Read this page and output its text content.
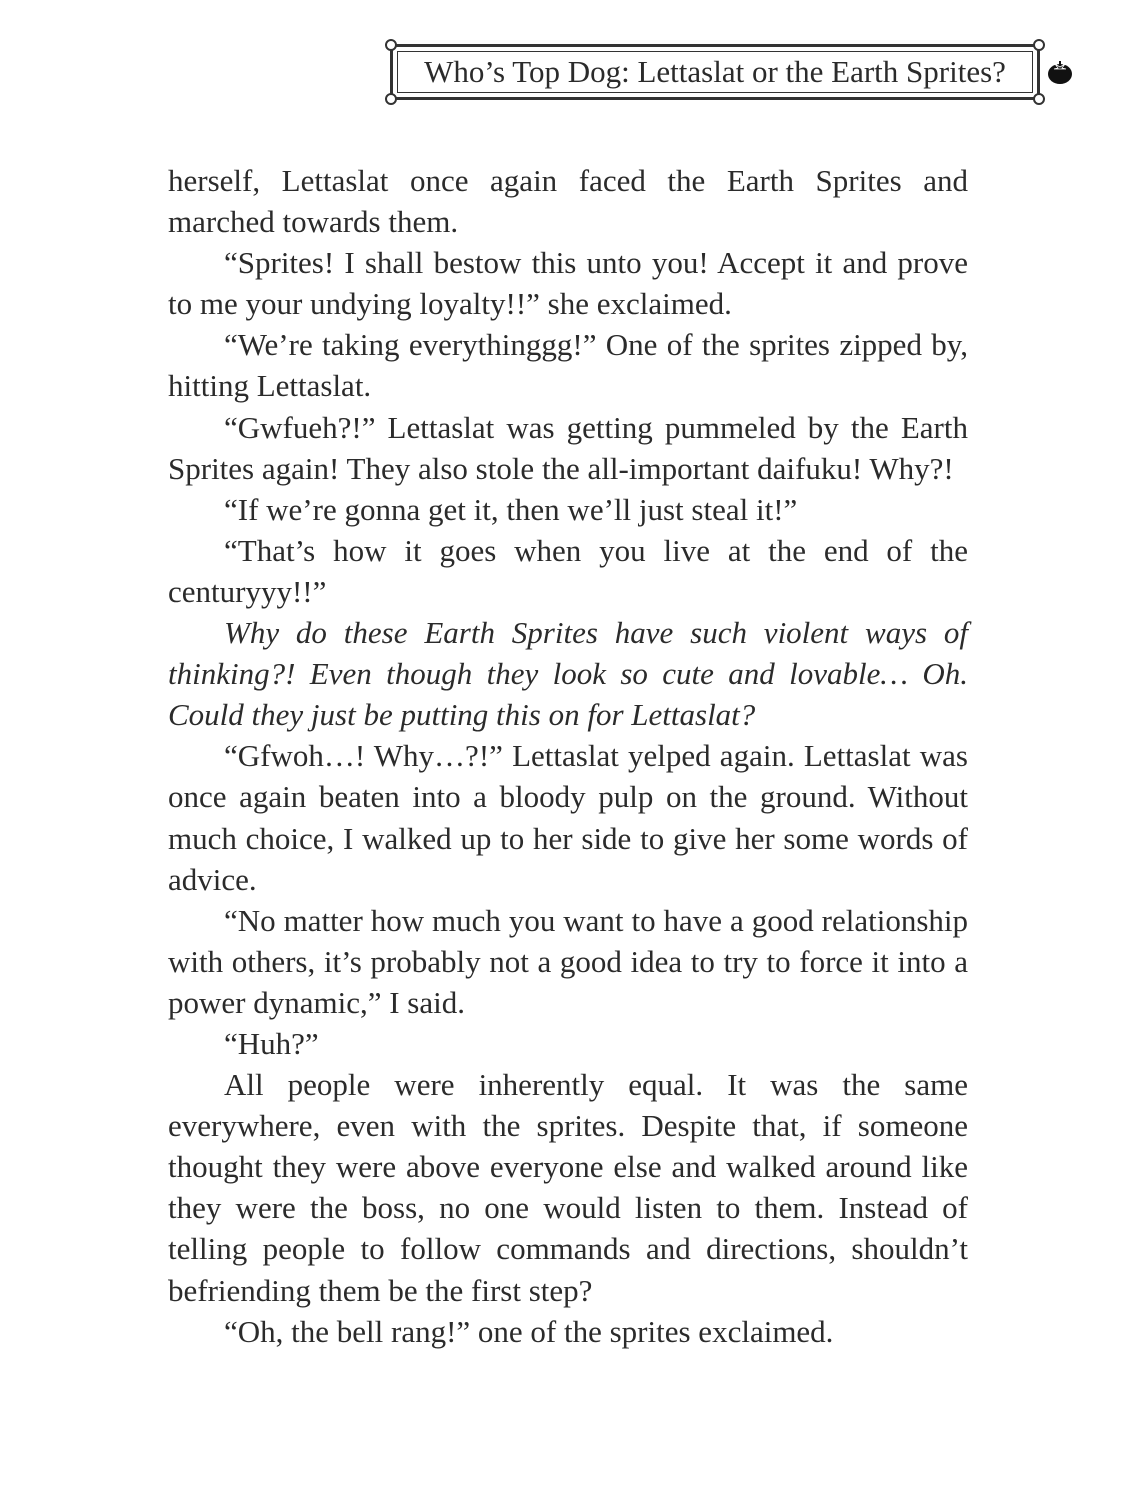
Who’s Top Dog: Lettaslat or the Earth Sprites?

herself, Lettaslat once again faced the Earth Sprites and marched towards them.

“Sprites! I shall bestow this unto you! Accept it and prove to me your undying loyalty!!” she exclaimed.

“We’re taking everythinggg!” One of the sprites zipped by, hitting Lettaslat.

“Gwfueh?!” Lettaslat was getting pummeled by the Earth Sprites again! They also stole the all-important daifuku! Why?!

“If we’re gonna get it, then we’ll just steal it!”

“That’s how it goes when you live at the end of the centuryyy!!”

Why do these Earth Sprites have such violent ways of thinking?! Even though they look so cute and lovable… Oh. Could they just be putting this on for Lettaslat?

“Gfwoh…! Why…?!” Lettaslat yelped again. Lettaslat was once again beaten into a bloody pulp on the ground. Without much choice, I walked up to her side to give her some words of advice.

“No matter how much you want to have a good relationship with others, it’s probably not a good idea to try to force it into a power dynamic,” I said.

“Huh?”

All people were inherently equal. It was the same everywhere, even with the sprites. Despite that, if someone thought they were above everyone else and walked around like they were the boss, no one would listen to them. Instead of telling people to follow commands and directions, shouldn’t befriending them be the first step?

“Oh, the bell rang!” one of the sprites exclaimed.
